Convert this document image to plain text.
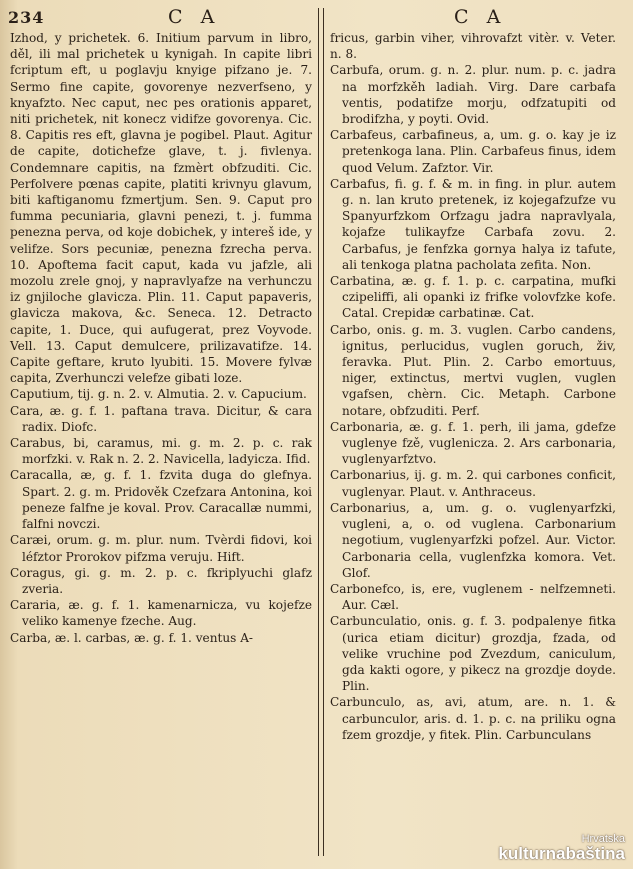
234	C A	C A

Izhod, y prichetek. 6. Initium parvum in libro, děl, ili mal prichetek u kynigah. In capite libri fcriptum eft, u poglavju knyige pifzano je. 7. Sermo fine capite, govorenye nezverfseno, y knyafzto. Nec caput, nec pes orationis apparet, niti prichetek, nit konecz vidifze govorenya. Cic. 8. Capitis res eft, glavna je pogibel. Plaut. Agitur de capite, dotichefze glave, t. j. fivlenya. Condemnare capitis, na fzmèrt obfzuditi. Cic. Perfolvere pœnas capite, platiti krivnyu glavum, biti kaftiganomu fzmertjum. Sen. 9. Caput pro fumma pecuniaria, glavni penezi, t. j. fumma penezna perva, od koje dobichek, y intereš ide, y velifze. Sors pecuniæ, penezna fzrecha perva. 10. Apoftema facit caput, kada vu jafzle, ali mozolu zrele gnoj, y napravlyafze na verhunczu iz gnjiloche glavicza. Plin. 11. Caput papaveris, glavicza makova, &c. Seneca. 12. Detracto capite, 1. Duce, qui aufugerat, prez Voyvode. Vell. 13. Caput demulcere, prilizavatifze. 14. Capite geftare, kruto lyubiti. 15. Movere fylvæ capita, Zverhunczi velefze gibati loze.

Caputium, tij. g. n. 2. v. Almutia. 2. v. Capucium.

Cara, æ. g. f. 1. paftana trava. Dicitur, & cara radix. Diofc.

Carabus, bi, caramus, mi. g. m. 2. p. c. rak morfzki. v. Rak n. 2. 2. Navicella, ladyicza. Ifid.

Caracalla, æ, g. f. 1. fzvita duga do glefnya. Spart. 2. g. m. Pridověk Czefzara Antonina, koi peneze falfne je koval. Prov. Caracallæ nummi, falfni novczi.

Caræi, orum. g. m. plur. num. Tvèrdi fidovi, koi léfztor Prorokov pifzma veruju. Hift.

Coragus, gi. g. m. 2. p. c. fkriplyuchi glafz zveria.

Cararia, æ. g. f. 1. kamenarnicza, vu kojefze veliko kamenye fzeche. Aug.

Carba, æ. l. carbas, æ. g. f. 1. ventus A-

fricus, garbin viher, vihrovafzt vitèr. v. Veter. n. 8.

Carbufa, orum. g. n. 2. plur. num. p. c. jadra na morfzkěh ladiah. Virg. Dare carbafa ventis, podatifze morju, odfzatupiti od brodifzha, y poyti. Ovid.

Carbafeus, carbafineus, a, um. g. o. kay je iz pretenkoga lana. Plin. Carbafeus finus, idem quod Velum. Zafztor. Vir.

Carbafus, fi. g. f. & m. in fing. in plur. autem g. n. lan kruto pretenek, iz kojegafzufze vu Spanyurfzkom Orfzagu jadra napravlyala, kojafze tulikayfze Carbafa zovu. 2. Carbafus, je fenfzka gornya halya iz tafute, ali tenkoga platna pacholata zefita. Non.

Carbatina, æ. g. f. 1. p. c. carpatina, mufki czipeliffi, ali opanki iz frifke volovfzke kofe. Catal. Crepidæ carbatinæ. Cat.

Carbo, onis. g. m. 3. vuglen. Carbo candens, ignitus, perlucidus, vuglen goruch, živ, feravka. Plut. Plin. 2. Carbo emortuus, niger, extinctus, mertvi vuglen, vuglen vgafsen, chèrn. Cic. Metaph. Carbone notare, obfzuditi. Perf.

Carbonaria, æ. g. f. 1. perh, ili jama, gdefze vuglenye fzě, vuglenicza. 2. Ars carbonaria, vuglenyarfztvo.

Carbonarius, ij. g. m. 2. qui carbones conficit, vuglenyar. Plaut. v. Anthraceus.

Carbonarius, a, um. g. o. vuglenyarfzki, vugleni, a, o. od vuglena. Carbonarium negotium, vuglenyarfzki pofzel. Aur. Victor. Carbonaria cella, vuglenfzka komora. Vet. Glof.

Carbonefco, is, ere, vuglenem - nelfzemneti. Aur. Cæl.

Carbunculatio, onis. g. f. 3. podpalenye fitka (urica etiam dicitur) grozdja, fzada, od velike vruchine pod Zvezdum, caniculum, gda kakti ogore, y pikecz na grozdje doyde. Plin.

Carbunculo, as, avi, atum, are. n. 1. & carbunculor, aris. d. 1. p. c. na priliku ogna fzem grozdje, y fitek. Plin. Carbunculans

Hrvatska
kulturnabaština
